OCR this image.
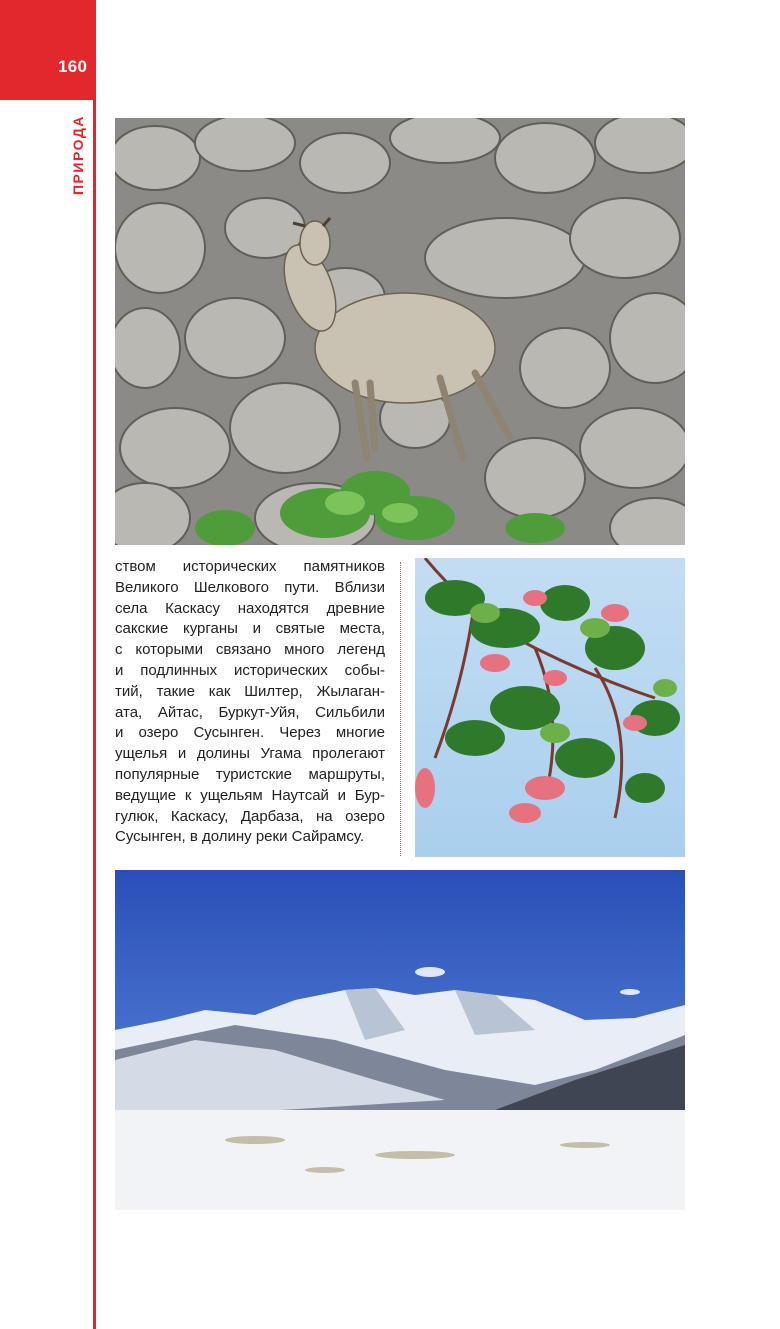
160
ПРИРОДА
ством исторических памятников
Великого Шелкового пути. Вблизи
села Каскасу находятся древние
сакские курганы и святые места,
с которыми связано много легенд
и подлинных исторических собы-
тий, такие как Шилтер, Жылаган-
ата, Айтас, Буркут-Уйя, Сильбили
и озеро Сусынген. Через многие
ущелья и долины Угама пролегают
популярные туристские маршруты,
ведущие к ущельям Наутсай и Бур-
гулюк, Каскасу, Дарбаза, на озеро
Сусынген, в долину реки Сайрамсу.
